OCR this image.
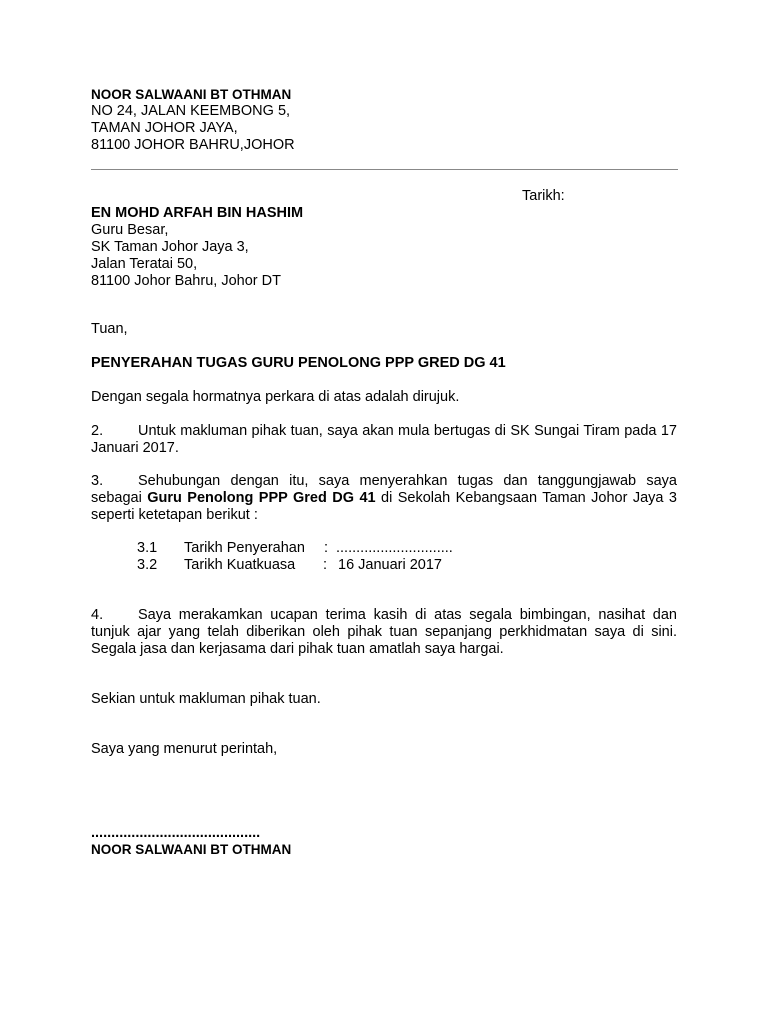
NOOR SALWAANI BT OTHMAN
NO 24, JALAN KEEMBONG 5,
TAMAN JOHOR JAYA,
81100 JOHOR BAHRU,JOHOR
Tarikh:
EN MOHD ARFAH BIN HASHIM
Guru Besar,
SK Taman Johor Jaya 3,
Jalan Teratai 50,
81100 Johor Bahru, Johor DT
Tuan,
PENYERAHAN TUGAS GURU PENOLONG PPP GRED DG 41
Dengan segala hormatnya perkara di atas adalah dirujuk.
2. Untuk makluman pihak tuan, saya akan mula bertugas di SK Sungai Tiram pada 17 Januari 2017.
3. Sehubungan dengan itu, saya menyerahkan tugas dan tanggungjawab saya sebagai Guru Penolong PPP Gred DG 41 di Sekolah Kebangsaan Taman Johor Jaya 3 seperti ketetapan berikut :
3.1 Tarikh Penyerahan : .............................
3.2 Tarikh Kuatkuasa : 16 Januari 2017
4. Saya merakamkan ucapan terima kasih di atas segala bimbingan, nasihat dan tunjuk ajar yang telah diberikan oleh pihak tuan sepanjang perkhidmatan saya di sini. Segala jasa dan kerjasama dari pihak tuan amatlah saya hargai.
Sekian untuk makluman pihak tuan.
Saya yang menurut perintah,
..........................................
NOOR SALWAANI BT OTHMAN
